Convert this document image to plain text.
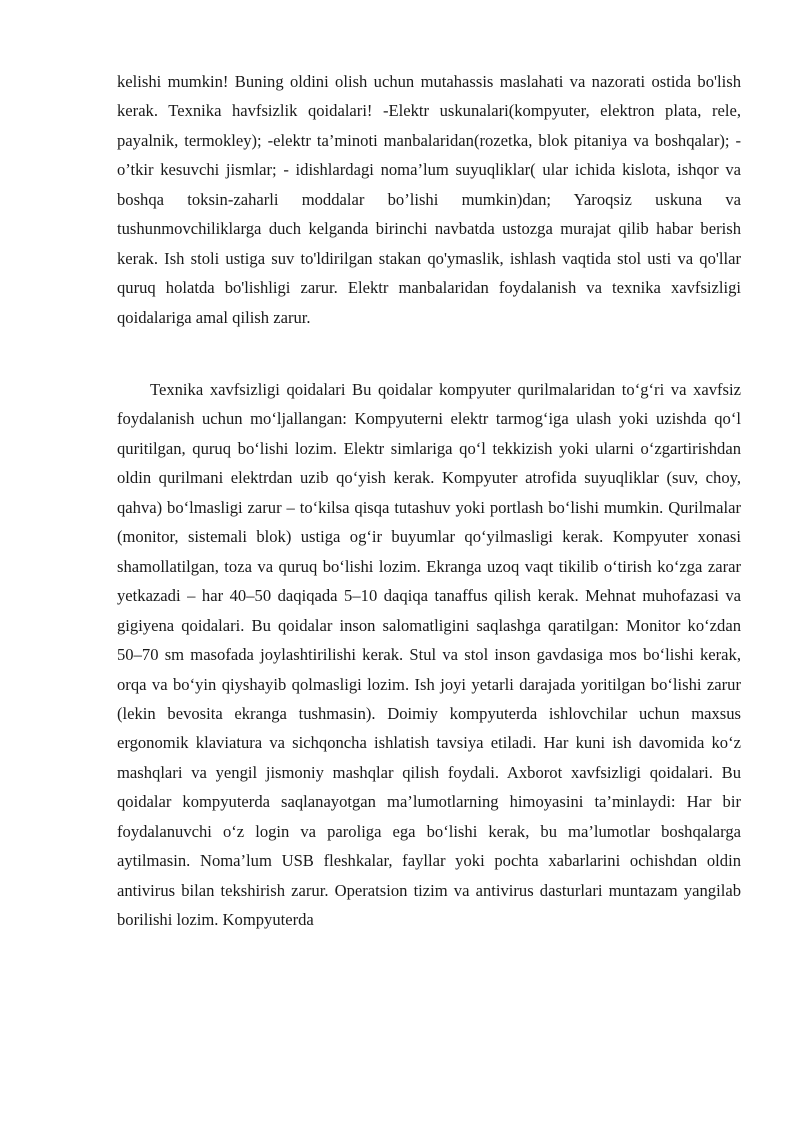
kelishi mumkin! Buning oldini olish uchun mutahassis maslahati va nazorati ostida bo'lish kerak. Texnika havfsizlik qoidalari! -Elektr uskunalari(kompyuter, elektron plata, rele, payalnik, termokley); -elektr ta’minoti manbalaridan(rozetka, blok pitaniya va boshqalar); - o’tkir kesuvchi jismlar; - idishlardagi noma’lum suyuqliklar( ular ichida kislota, ishqor va boshqa toksin-zaharli moddalar bo’lishi mumkin)dan; Yaroqsiz uskuna va tushunmovchiliklarga duch kelganda birinchi navbatda ustozga murajat qilib habar berish kerak. Ish stoli ustiga suv to'ldirilgan stakan qo'ymaslik, ishlash vaqtida stol usti va qo'llar quruq holatda bo'lishligi zarur. Elektr manbalaridan foydalanish va texnika xavfsizligi qoidalariga amal qilish zarur.

Texnika xavfsizligi qoidalari Bu qoidalar kompyuter qurilmalaridan to‘g‘ri va xavfsiz foydalanish uchun mo‘ljallangan: Kompyuterni elektr tarmog‘iga ulash yoki uzishda qo‘l quritilgan, quruq bo‘lishi lozim. Elektr simlariga qo‘l tekkizish yoki ularni o‘zgartirishdan oldin qurilmani elektrdan uzib qo‘yish kerak. Kompyuter atrofida suyuqliklar (suv, choy, qahva) bo‘lmasligi zarur – to‘kilsa qisqa tutashuv yoki portlash bo‘lishi mumkin. Qurilmalar (monitor, sistemali blok) ustiga og‘ir buyumlar qo‘yilmasligi kerak. Kompyuter xonasi shamollatilgan, toza va quruq bo‘lishi lozim. Ekranga uzoq vaqt tikilib o‘tirish ko‘zga zarar yetkazadi – har 40–50 daqiqada 5–10 daqiqa tanaffus qilish kerak. Mehnat muhofazasi va gigiyena qoidalari. Bu qoidalar inson salomatligini saqlashga qaratilgan: Monitor ko‘zdan 50–70 sm masofada joylashtirilishi kerak. Stul va stol inson gavdasiga mos bo‘lishi kerak, orqa va bo‘yin qiyshayib qolmasligi lozim. Ish joyi yetarli darajada yoritilgan bo‘lishi zarur (lekin bevosita ekranga tushmasin). Doimiy kompyuterda ishlovchilar uchun maxsus ergonomik klaviatura va sichqoncha ishlatish tavsiya etiladi. Har kuni ish davomida ko‘z mashqlari va yengil jismoniy mashqlar qilish foydali. Axborot xavfsizligi qoidalari. Bu qoidalar kompyuterda saqlanayotgan ma’lumotlarning himoyasini ta’minlaydi: Har bir foydalanuvchi o‘z login va paroliga ega bo‘lishi kerak, bu ma’lumotlar boshqalarga aytilmasin. Noma’lum USB fleshkalar, fayllar yoki pochta xabarlarini ochishdan oldin antivirus bilan tekshirish zarur. Operatsion tizim va antivirus dasturlari muntazam yangilab borilishi lozim. Kompyuterda
